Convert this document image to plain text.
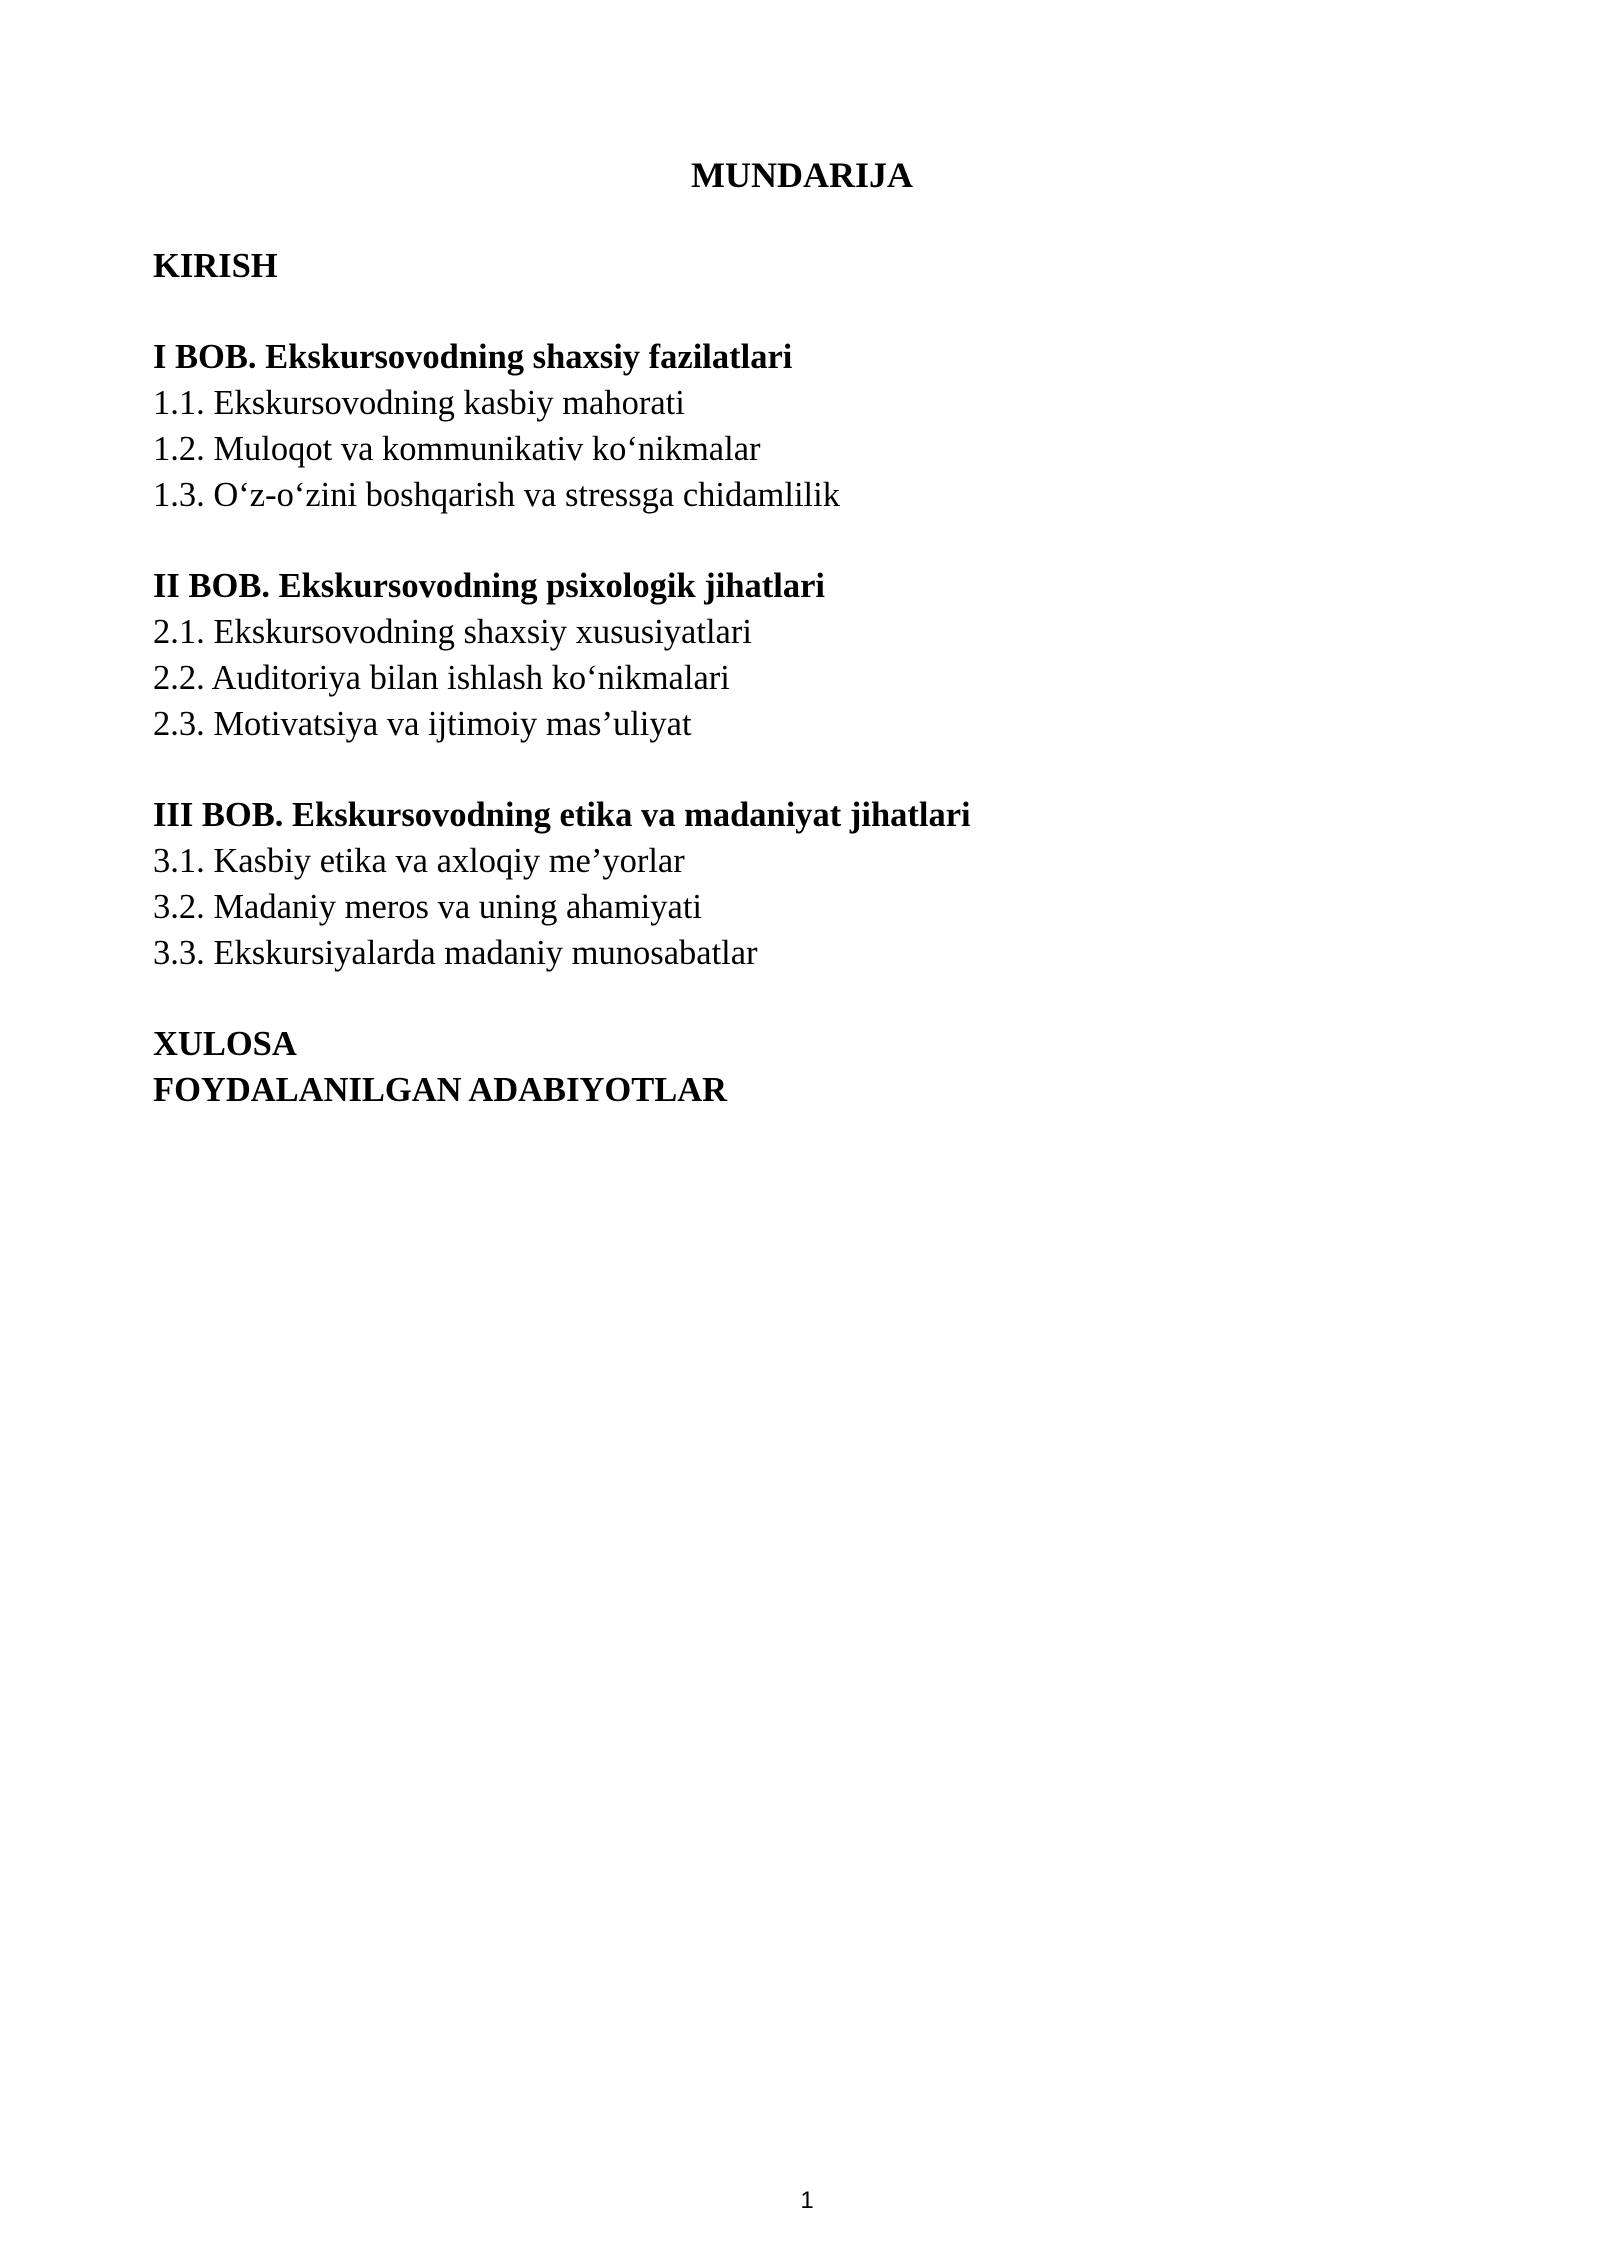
MUNDARIJA
KIRISH
I BOB. Ekskursovodning shaxsiy fazilatlari
1.1. Ekskursovodning kasbiy mahorati
1.2. Muloqot va kommunikativ ko‘nikmalar
1.3. O‘z-o‘zini boshqarish va stressga chidamlilik
II BOB. Ekskursovodning psixologik jihatlari
2.1. Ekskursovodning shaxsiy xususiyatlari
2.2. Auditoriya bilan ishlash ko‘nikmalari
2.3. Motivatsiya va ijtimoiy mas’uliyat
III BOB. Ekskursovodning etika va madaniyat jihatlari
3.1. Kasbiy etika va axloqiy me’yorlar
3.2. Madaniy meros va uning ahamiyati
3.3. Ekskursiyalarda madaniy munosabatlar
XULOSA
FOYDALANILGAN ADABIYOTLAR
1
